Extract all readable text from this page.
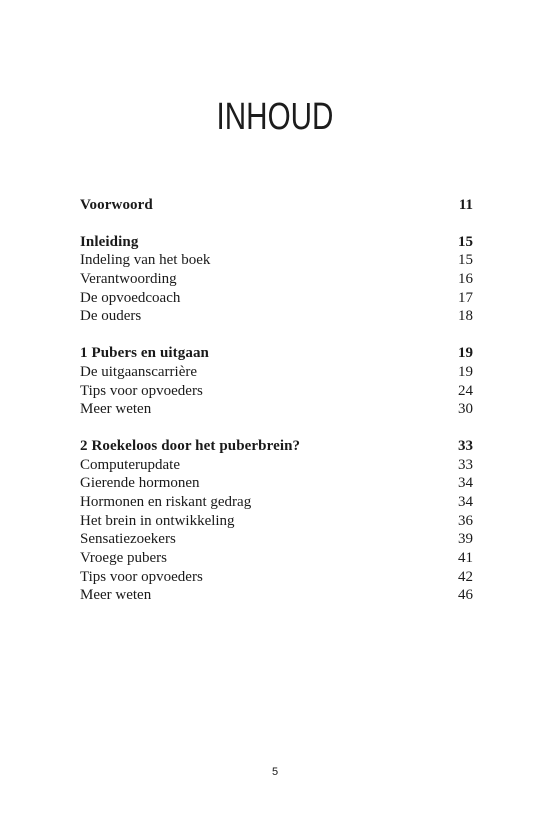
INHOUD
Voorwoord	11
Inleiding	15
Indeling van het boek	15
Verantwoording	16
De opvoedcoach	17
De ouders	18
1 Pubers en uitgaan	19
De uitgaanscarrière	19
Tips voor opvoeders	24
Meer weten	30
2 Roekeloos door het puberbrein?	33
Computerupdate	33
Gierende hormonen	34
Hormonen en riskant gedrag	34
Het brein in ontwikkeling	36
Sensatiezoekers	39
Vroege pubers	41
Tips voor opvoeders	42
Meer weten	46
5
